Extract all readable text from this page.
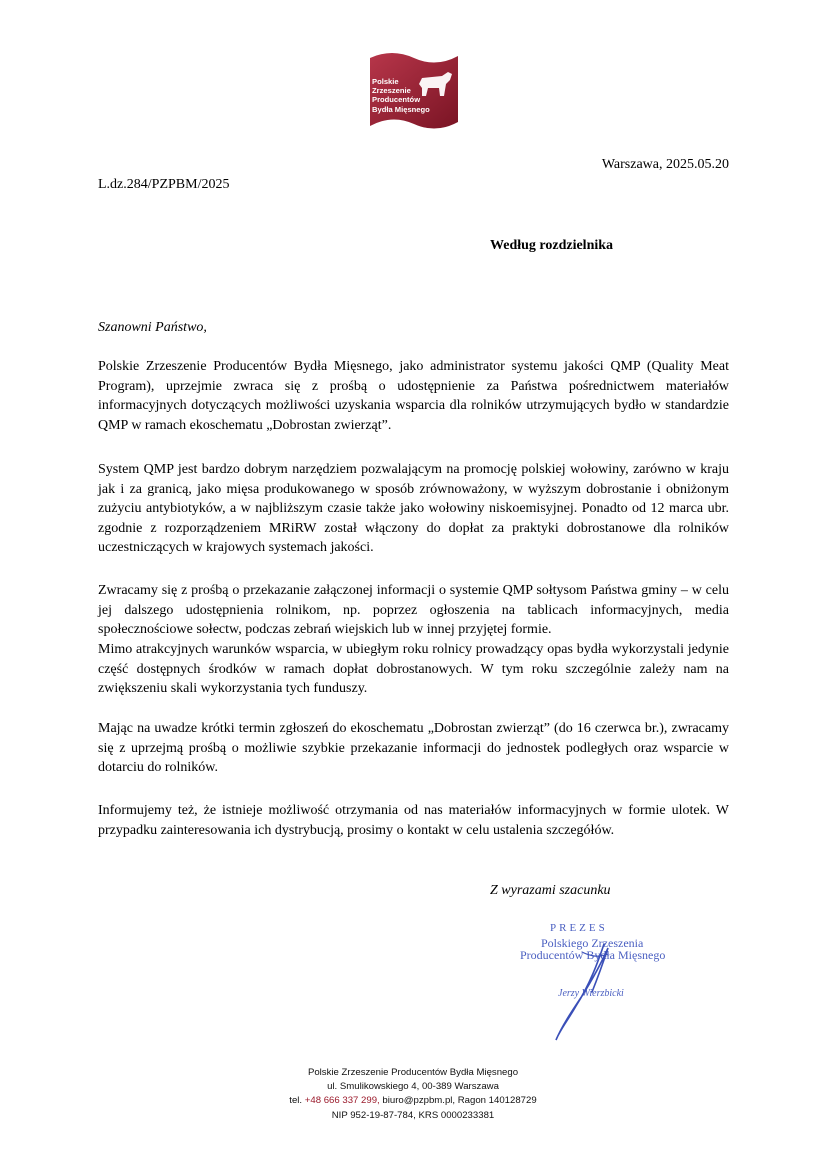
Polskie
Zrzeszenie
Producentów
Bydła Mięsnego
Warszawa, 2025.05.20
L.dz.284/PZPBM/2025
Według rozdzielnika
Szanowni Państwo,

Polskie Zrzeszenie Producentów Bydła Mięsnego, jako administrator systemu jakości QMP (Quality Meat Program), uprzejmie zwraca się z prośbą o udostępnienie za Państwa pośrednictwem materiałów informacyjnych dotyczących możliwości uzyskania wsparcia dla rolników utrzymujących bydło w standardzie QMP w ramach ekoschematu „Dobrostan zwierząt”.

System QMP jest bardzo dobrym narzędziem pozwalającym na promocję polskiej wołowiny, zarówno w kraju jak i za granicą, jako mięsa produkowanego w sposób zrównoważony, w wyższym dobrostanie i obniżonym zużyciu antybiotyków, a w najbliższym czasie także jako wołowiny niskoemisyjnej. Ponadto od 12 marca ubr. zgodnie z rozporządzeniem MRiRW został włączony do dopłat za praktyki dobrostanowe dla rolników uczestniczących w krajowych systemach jakości.

Zwracamy się z prośbą o przekazanie załączonej informacji o systemie QMP sołtysom Państwa gminy – w celu jej dalszego udostępnienia rolnikom, np. poprzez ogłoszenia na tablicach informacyjnych, media społecznościowe sołectw, podczas zebrań wiejskich lub w innej przyjętej formie.

Mimo atrakcyjnych warunków wsparcia, w ubiegłym roku rolnicy prowadzący opas bydła wykorzystali jedynie część dostępnych środków w ramach dopłat dobrostanowych. W tym roku szczególnie zależy nam na zwiększeniu skali wykorzystania tych funduszy.

Mając na uwadze krótki termin zgłoszeń do ekoschematu „Dobrostan zwierząt” (do 16 czerwca br.), zwracamy się z uprzejmą prośbą o możliwie szybkie przekazanie informacji do jednostek podległych oraz wsparcie w dotarciu do rolników.

Informujemy też, że istnieje możliwość otrzymania od nas materiałów informacyjnych w formie ulotek. W przypadku zainteresowania ich dystrybucją, prosimy o kontakt w celu ustalenia szczegółów.

Z wyrazami szacunku
PREZES
Polskiego Zrzeszenia
Producentów Bydła Mięsnego
Jerzy Wierzbicki
Polskie Zrzeszenie Producentów Bydła Mięsnego
ul. Smulikowskiego 4, 00-389 Warszawa
tel. +48 666 337 299, biuro@pzpbm.pl, Ragon 140128729
NIP 952-19-87-784, KRS 0000233381
